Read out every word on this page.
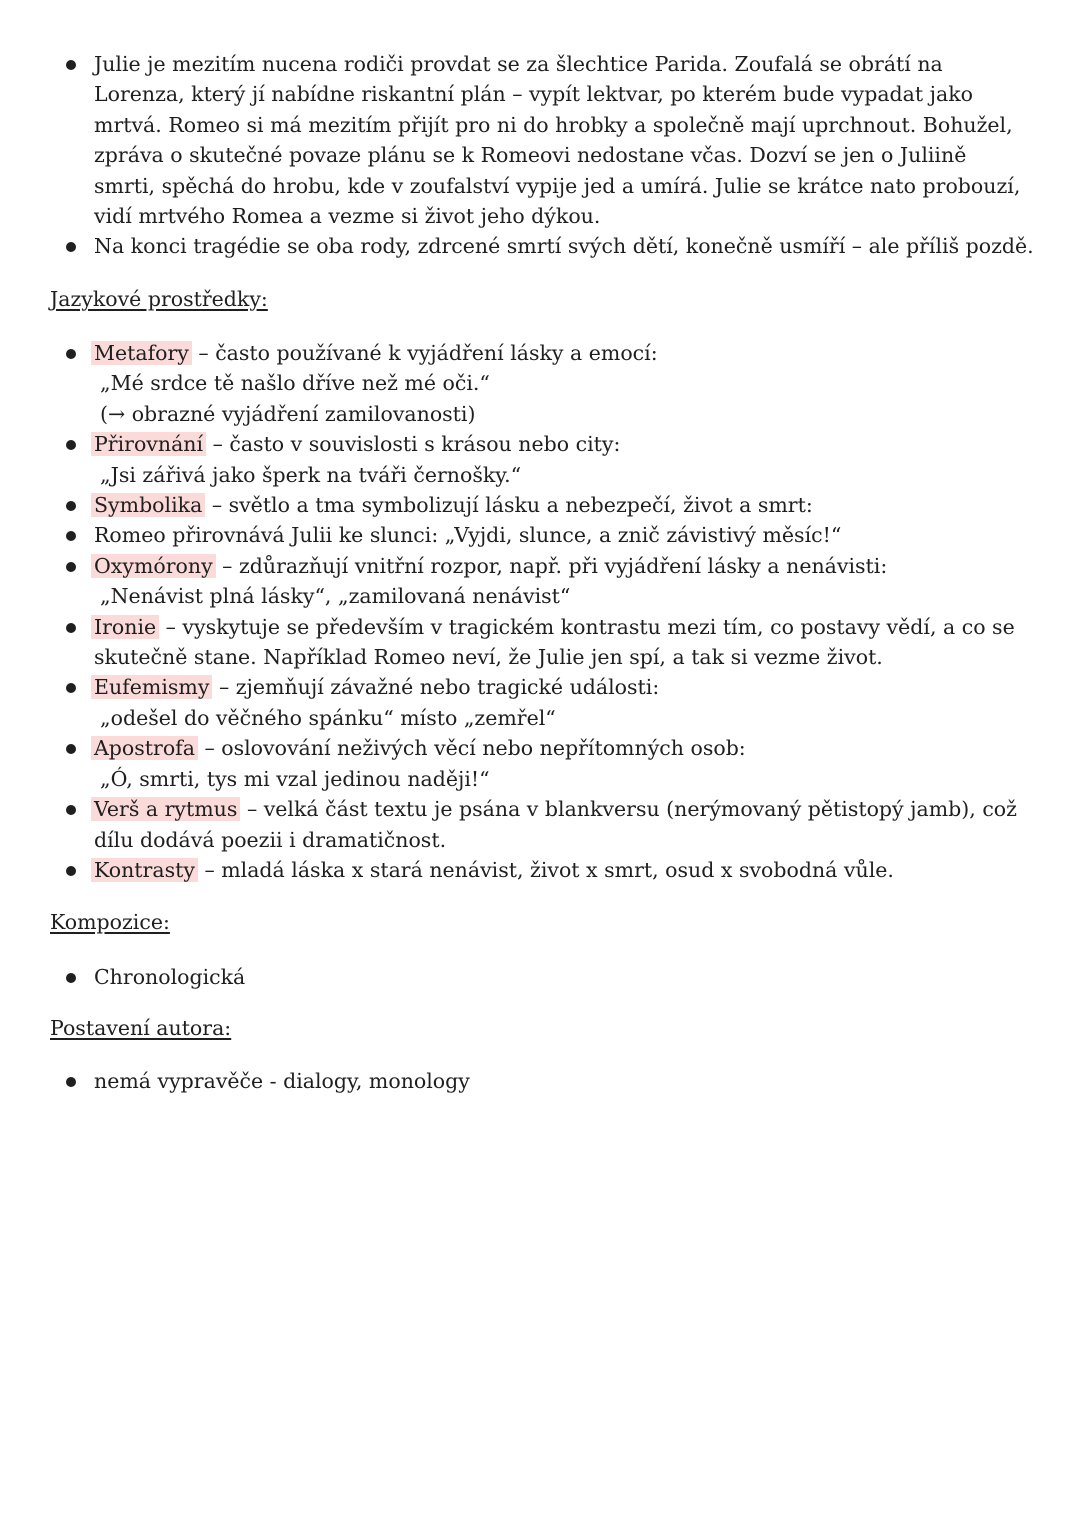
Julie je mezitím nucena rodiči provdat se za šlechtice Parida. Zoufalá se obrátí na
Lorenza, který jí nabídne riskantní plán – vypít lektvar, po kterém bude vypadat jako
mrtvá. Romeo si má mezitím přijít pro ni do hrobky a společně mají uprchnout. Bohužel,
zpráva o skutečné povaze plánu se k Romeovi nedostane včas. Dozví se jen o Juliině
smrti, spěchá do hrobu, kde v zoufalství vypije jed a umírá. Julie se krátce nato probouzí,
vidí mrtvého Romea a vezme si život jeho dýkou.
Na konci tragédie se oba rody, zdrcené smrtí svých dětí, konečně usmíří – ale příliš pozdě.
Jazykové prostředky:
Metafory – často používané k vyjádření lásky a emocí:
„Mé srdce tě našlo dříve než mé oči.“
(→ obrazné vyjádření zamilovanosti)
Přirovnání – často v souvislosti s krásou nebo city:
„Jsi zářivá jako šperk na tváři černošky.“
Symbolika – světlo a tma symbolizují lásku a nebezpečí, život a smrt:
Romeo přirovnává Julii ke slunci: „Vyjdi, slunce, a znič závistivý měsíc!“
Oxymórony – zdůrazňují vnitřní rozpor, např. při vyjádření lásky a nenávisti:
„Nenávist plná lásky“, „zamilovaná nenávist“
Ironie – vyskytuje se především v tragickém kontrastu mezi tím, co postavy vědí, a co se
skutečně stane. Například Romeo neví, že Julie jen spí, a tak si vezme život.
Eufemismy – zjemňují závažné nebo tragické události:
„odešel do věčného spánku“ místo „zemřel“
Apostrofa – oslovování neživých věcí nebo nepřítomných osob:
„Ó, smrti, tys mi vzal jedinou naději!“
Verš a rytmus – velká část textu je psána v blankversu (nerýmovaný pětistopý jamb), což
dílu dodává poezii i dramatičnost.
Kontrasty – mladá láska x stará nenávist, život x smrt, osud x svobodná vůle.
Kompozice:
Chronologická
Postavení autora:
nemá vypravěče - dialogy, monology
